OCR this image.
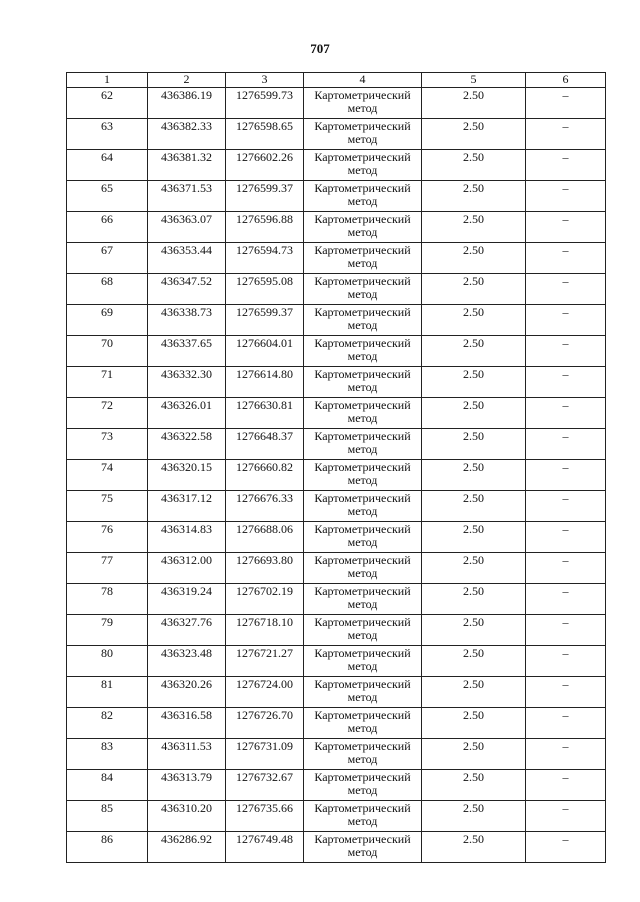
707
1	2	3	4	5	6
62	436386.19	1276599.73	Картометрический
метод	2.50	–
63	436382.33	1276598.65	Картометрический
метод	2.50	–
64	436381.32	1276602.26	Картометрический
метод	2.50	–
65	436371.53	1276599.37	Картометрический
метод	2.50	–
66	436363.07	1276596.88	Картометрический
метод	2.50	–
67	436353.44	1276594.73	Картометрический
метод	2.50	–
68	436347.52	1276595.08	Картометрический
метод	2.50	–
69	436338.73	1276599.37	Картометрический
метод	2.50	–
70	436337.65	1276604.01	Картометрический
метод	2.50	–
71	436332.30	1276614.80	Картометрический
метод	2.50	–
72	436326.01	1276630.81	Картометрический
метод	2.50	–
73	436322.58	1276648.37	Картометрический
метод	2.50	–
74	436320.15	1276660.82	Картометрический
метод	2.50	–
75	436317.12	1276676.33	Картометрический
метод	2.50	–
76	436314.83	1276688.06	Картометрический
метод	2.50	–
77	436312.00	1276693.80	Картометрический
метод	2.50	–
78	436319.24	1276702.19	Картометрический
метод	2.50	–
79	436327.76	1276718.10	Картометрический
метод	2.50	–
80	436323.48	1276721.27	Картометрический
метод	2.50	–
81	436320.26	1276724.00	Картометрический
метод	2.50	–
82	436316.58	1276726.70	Картометрический
метод	2.50	–
83	436311.53	1276731.09	Картометрический
метод	2.50	–
84	436313.79	1276732.67	Картометрический
метод	2.50	–
85	436310.20	1276735.66	Картометрический
метод	2.50	–
86	436286.92	1276749.48	Картометрический
метод	2.50	–
